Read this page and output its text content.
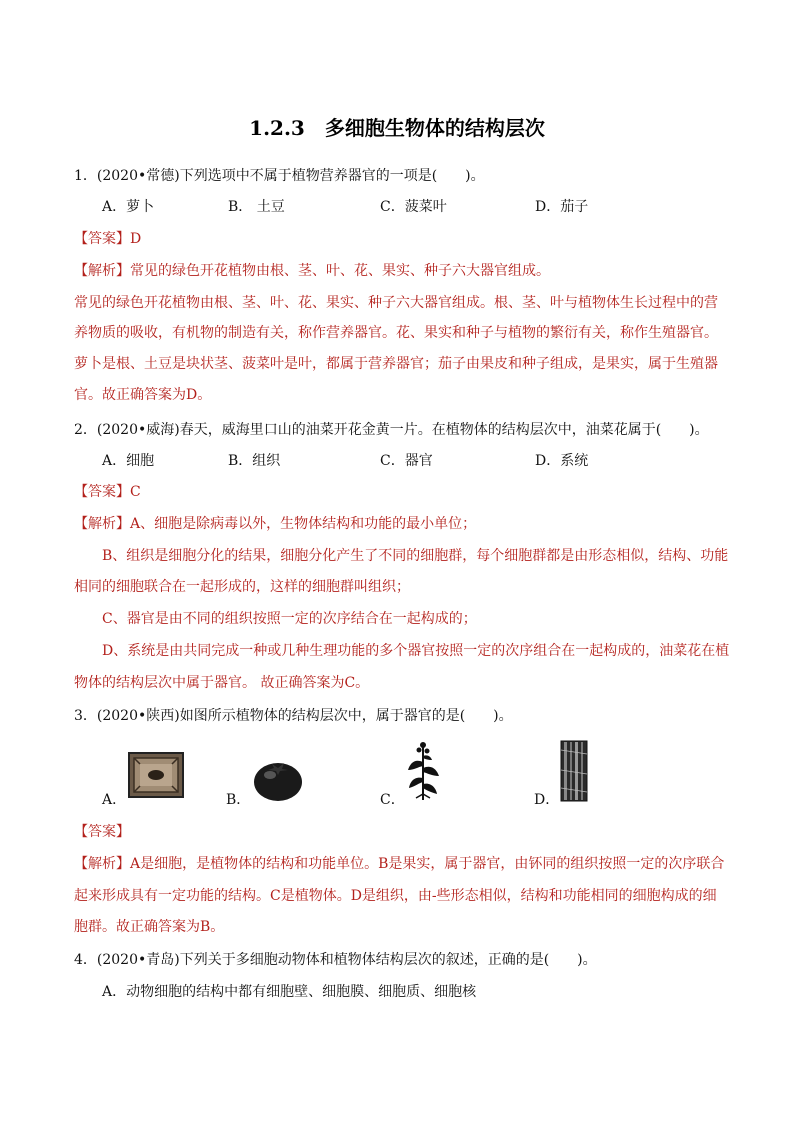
1.2.3　多细胞生物体的结构层次
1．(2020•常德)下列选项中不属于植物营养器官的一项是(　　)。
A．萝卜	B． 土豆	C．菠菜叶	D．茄子
【答案】D
【解析】常见的绿色开花植物由根、茎、叶、花、果实、种子六大器官组成。
常见的绿色开花植物由根、茎、叶、花、果实、种子六大器官组成。根、茎、叶与植物体生长过程中的营
养物质的吸收，有机物的制造有关，称作营养器官。花、果实和种子与植物的繁衍有关，称作生殖器官。
萝卜是根、土豆是块状茎、菠菜叶是叶，都属于营养器官；茄子由果皮和种子组成，是果实，属于生殖器
官。故正确答案为D。
2．(2020•威海)春天，威海里口山的油菜开花金黄一片。在植物体的结构层次中，油菜花属于(　　)。
A．细胞	B．组织	C．器官	D．系统
【答案】C
【解析】A、细胞是除病毒以外，生物体结构和功能的最小单位；
B、组织是细胞分化的结果，细胞分化产生了不同的细胞群，每个细胞群都是由形态相似，结构、功能
相同的细胞联合在一起形成的，这样的细胞群叫组织；
C、器官是由不同的组织按照一定的次序结合在一起构成的；
D、系统是由共同完成一种或几种生理功能的多个器官按照一定的次序组合在一起构成的，油菜花在植
物体的结构层次中属于器官。 故正确答案为C。
3．(2020•陕西)如图所示植物体的结构层次中，属于器官的是(　　)。
A．	B．	C．	D．
【答案】
【解析】A是细胞，是植物体的结构和功能单位。B是果实，属于器官，由钚同的组织按照一定的次序联合
起来形成具有一定功能的结构。C是植物体。D是组织，由-些形态相似，结构和功能相同的细胞构成的细
胞群。故正确答案为B。
4．(2020•青岛)下列关于多细胞动物体和植物体结构层次的叙述，正确的是(　　)。
A．动物细胞的结构中都有细胞壁、细胞膜、细胞质、细胞核
